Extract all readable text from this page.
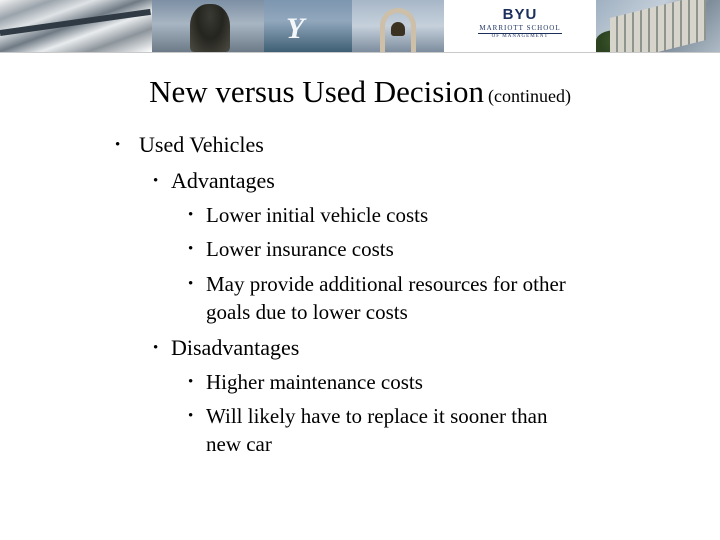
Y	BYU
MARRIOTT SCHOOL
OF MANAGEMENT
New versus Used Decision (continued)
• Used Vehicles
• Advantages
• Lower initial vehicle costs
• Lower insurance costs
• May provide additional resources for other
goals due to lower costs
• Disadvantages
• Higher maintenance costs
• Will likely have to replace it sooner than
new car
